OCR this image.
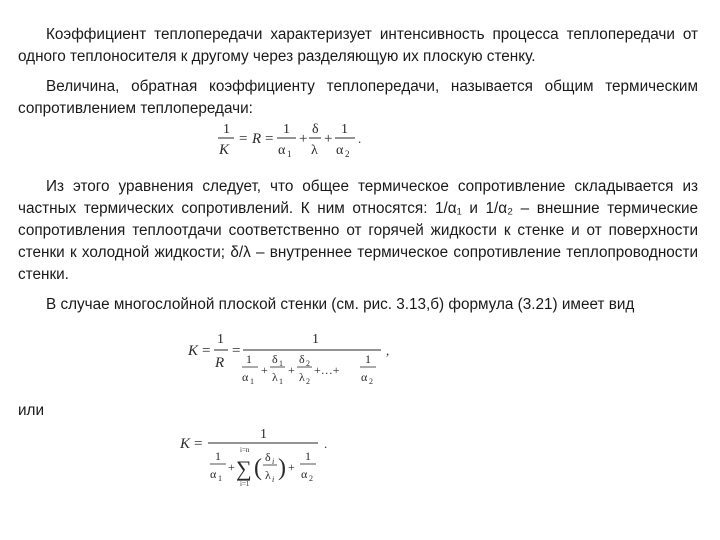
Коэффициент теплопередачи характеризует интенсивность процесса теплопередачи от одного теплоносителя к другому через разделяющую их плоскую стенку.

Величина, обратная коэффициенту теплопередачи, называется общим термическим сопротивлением теплопередачи:

1
K
= R =
1
α 1
+
δ
λ
+
1
α 2
.

Из этого уравнения следует, что общее термическое сопротивление складывается из частных термических сопротивлений. К ним относятся: 1/α₁ и 1/α₂ – внешние термические сопротивления теплоотдачи соответственно от горячей жидкости к стенке и от поверхности стенки к холодной жидкости; δ/λ – внутреннее термическое сопротивление теплопроводности стенки.

В случае многослойной плоской стенки (см. рис. 3.13,б) формула (3.21) имеет вид

K =
1
R
=
1
1
α 1
+
δ 1
λ 1
+
δ 2
λ 2
+…+
1
α 2
,

или

K =
1
1
α 1
+
i=n
∑
i=1
( δ i
λ i ) +
1
α 2
.
